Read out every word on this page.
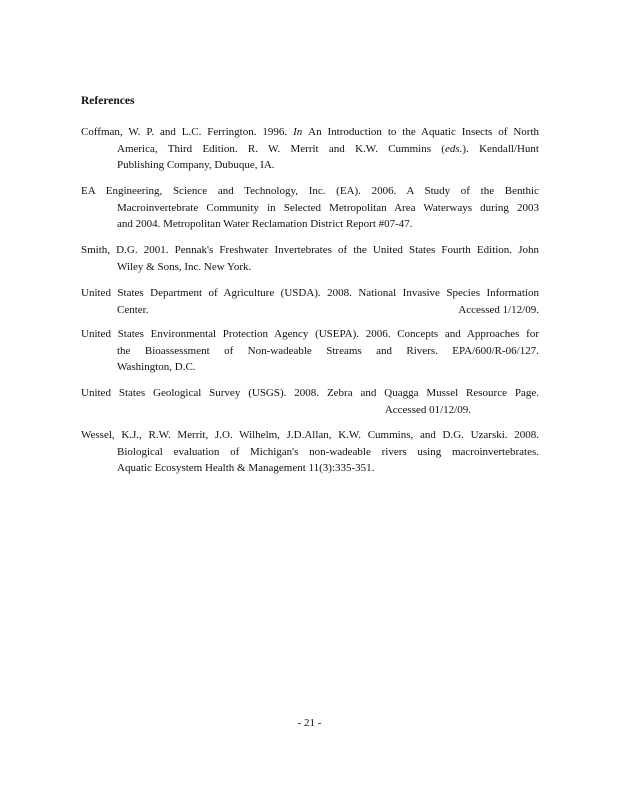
References
Coffman, W. P. and L.C. Ferrington. 1996. In An Introduction to the Aquatic Insects of North
America, Third Edition. R. W. Merrit and K.W. Cummins (eds.). Kendall/Hunt
Publishing Company, Dubuque, IA.
EA Engineering, Science and Technology, Inc. (EA). 2006. A Study of the Benthic
Macroinvertebrate Community in Selected Metropolitan Area Waterways during 2003
and 2004. Metropolitan Water Reclamation District Report #07-47.
Smith, D.G. 2001. Pennak's Freshwater Invertebrates of the United States Fourth Edition. John
Wiley & Sons, Inc. New York.
United States Department of Agriculture (USDA). 2008. National Invasive Species Information
Center.	Accessed 1/12/09.
United States Environmental Protection Agency (USEPA). 2006. Concepts and Approaches for
the Bioassessment of Non-wadeable Streams and Rivers. EPA/600/R-06/127.
Washington, D.C.
United States Geological Survey (USGS). 2008. Zebra and Quagga Mussel Resource Page.
Accessed 01/12/09.
Wessel, K.J., R.W. Merrit, J.O. Wilhelm, J.D.Allan, K.W. Cummins, and D.G. Uzarski. 2008.
Biological evaluation of Michigan's non-wadeable rivers using macroinvertebrates.
Aquatic Ecosystem Health & Management 11(3):335-351.
- 21 -
